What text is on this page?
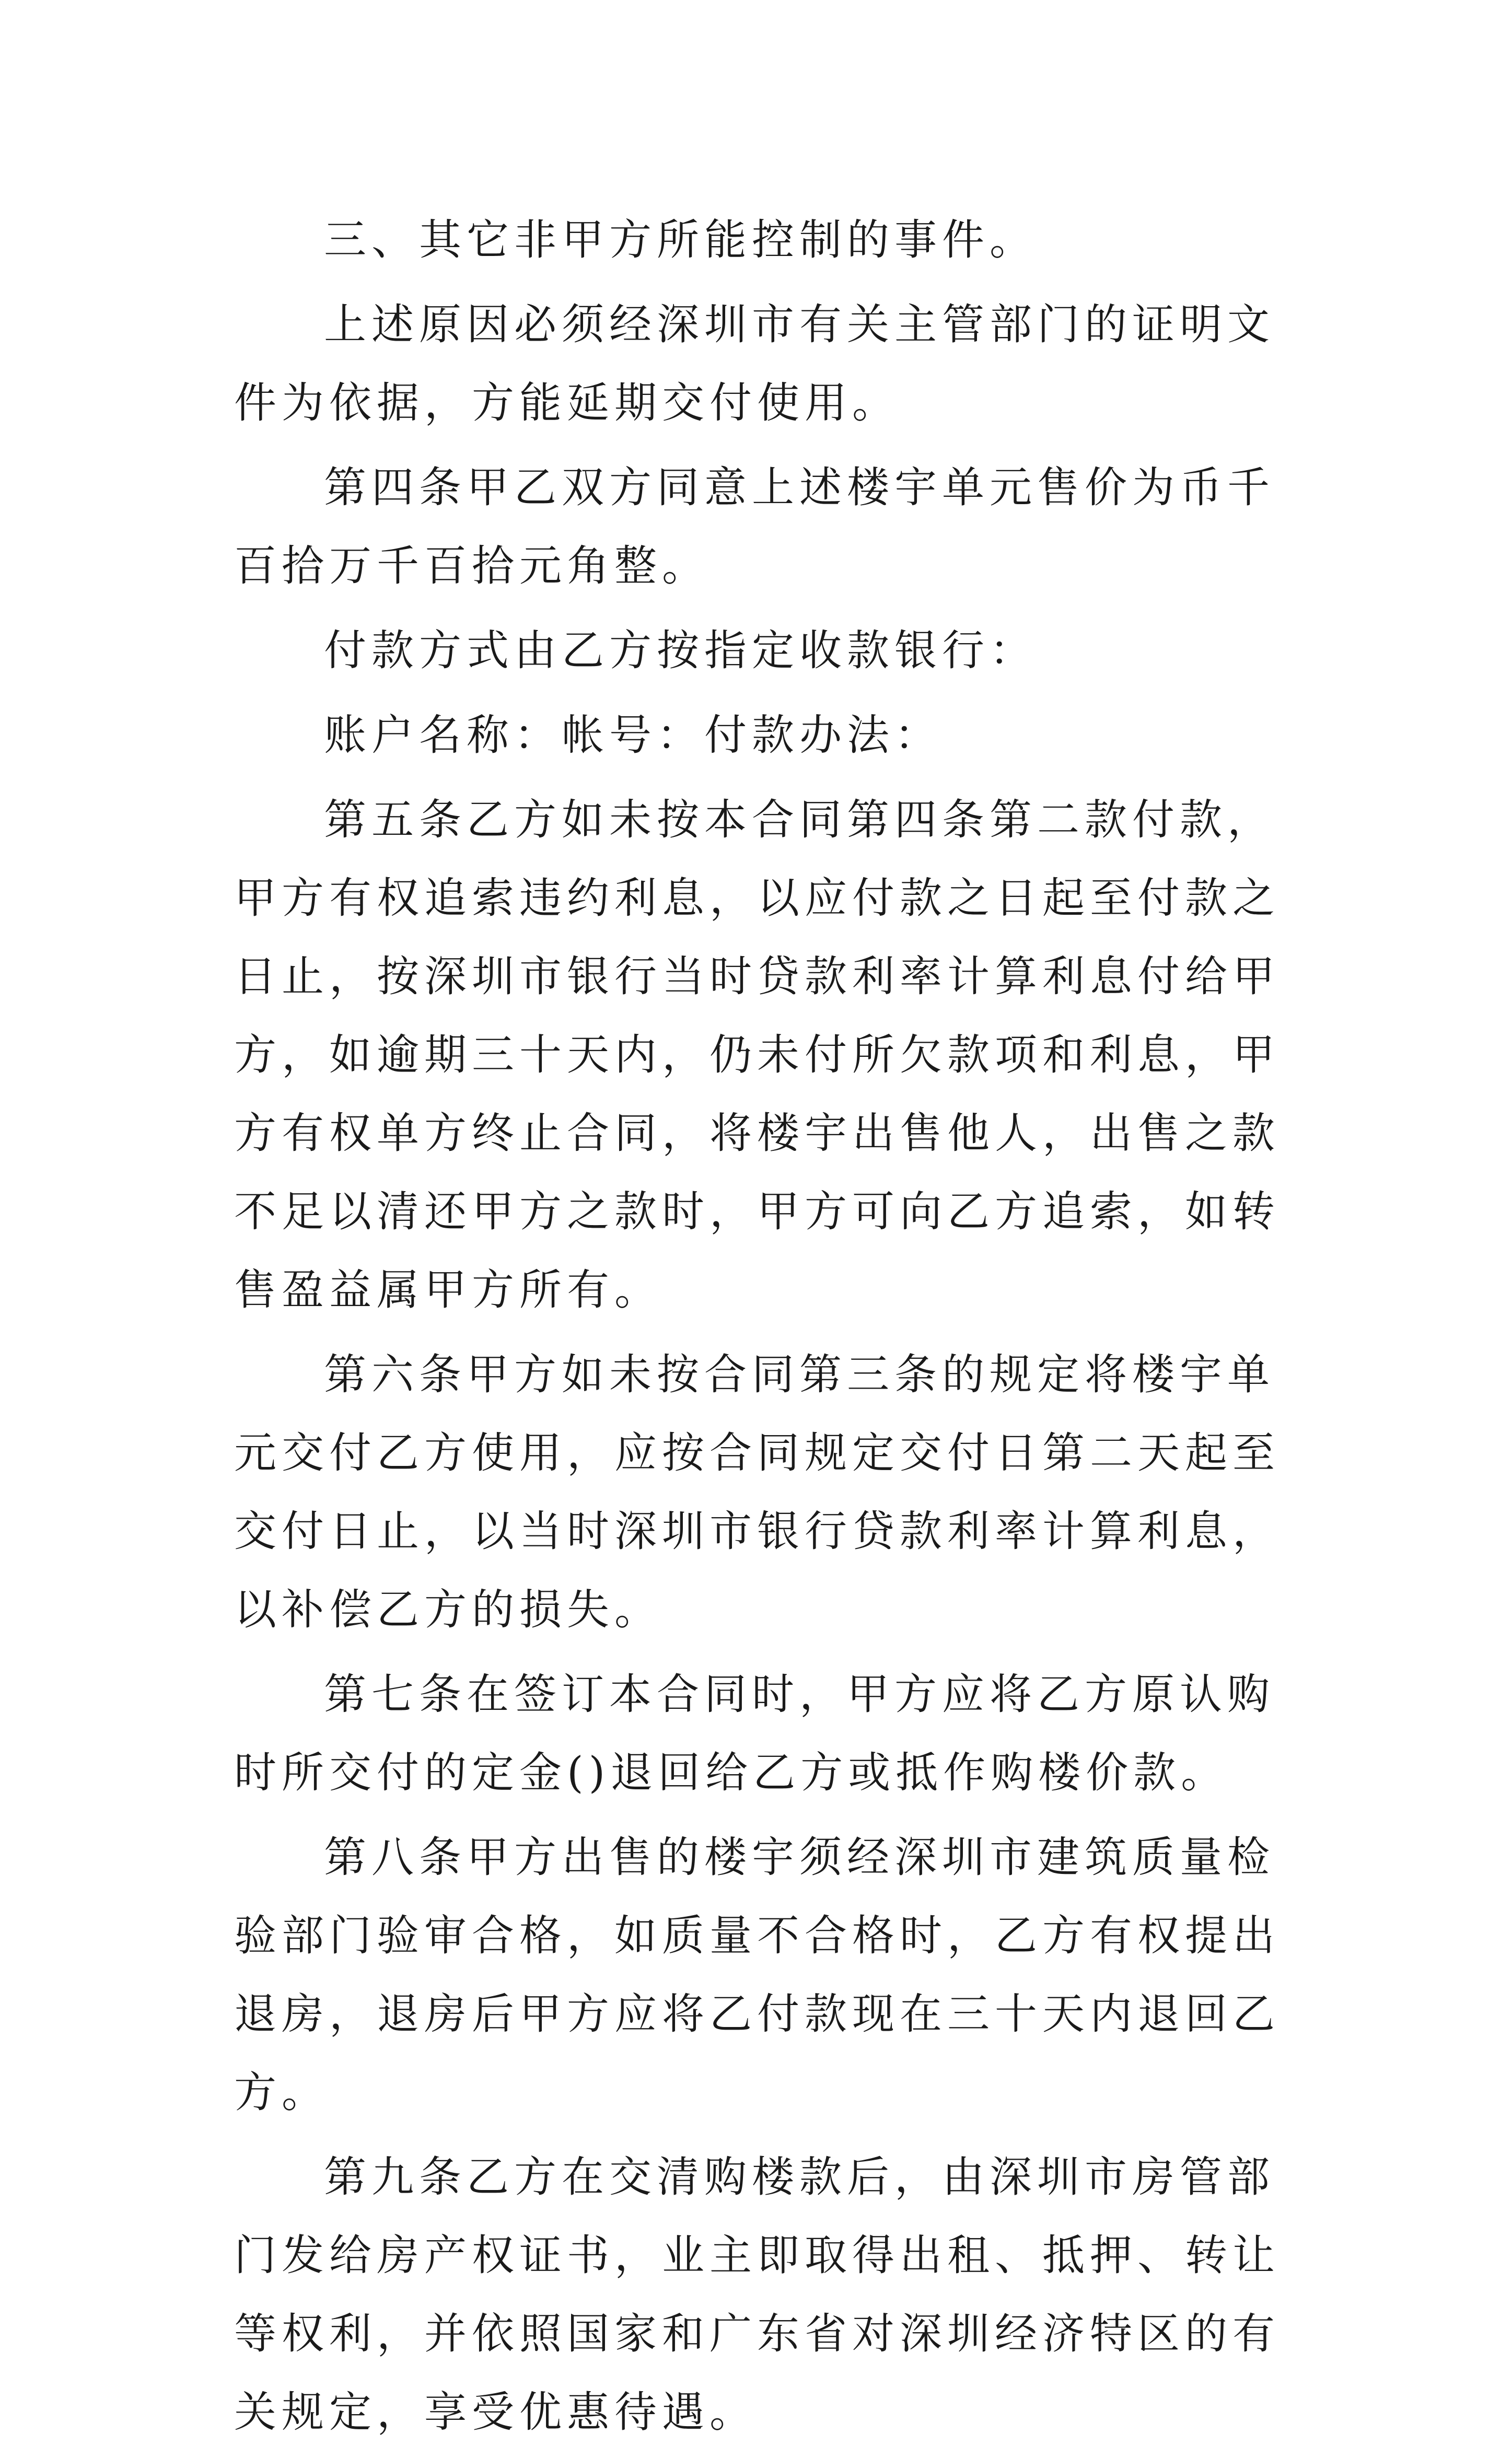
三、其它非甲方所能控制的事件。

上述原因必须经深圳市有关主管部门的证明文件为依据，方能延期交付使用。

第四条甲乙双方同意上述楼宇单元售价为币千百拾万千百拾元角整。

付款方式由乙方按指定收款银行：

账户名称：帐号：付款办法：

第五条乙方如未按本合同第四条第二款付款，甲方有权追索违约利息，以应付款之日起至付款之日止，按深圳市银行当时贷款利率计算利息付给甲方，如逾期三十天内，仍未付所欠款项和利息，甲方有权单方终止合同，将楼宇出售他人，出售之款不足以清还甲方之款时，甲方可向乙方追索，如转售盈益属甲方所有。

第六条甲方如未按合同第三条的规定将楼宇单元交付乙方使用，应按合同规定交付日第二天起至交付日止，以当时深圳市银行贷款利率计算利息，以补偿乙方的损失。

第七条在签订本合同时，甲方应将乙方原认购时所交付的定金()退回给乙方或抵作购楼价款。

第八条甲方出售的楼宇须经深圳市建筑质量检验部门验审合格，如质量不合格时，乙方有权提出退房，退房后甲方应将乙付款现在三十天内退回乙方。

第九条乙方在交清购楼款后，由深圳市房管部门发给房产权证书，业主即取得出租、抵押、转让等权利，并依照国家和广东省对深圳经济特区的有关规定，享受优惠待遇。
